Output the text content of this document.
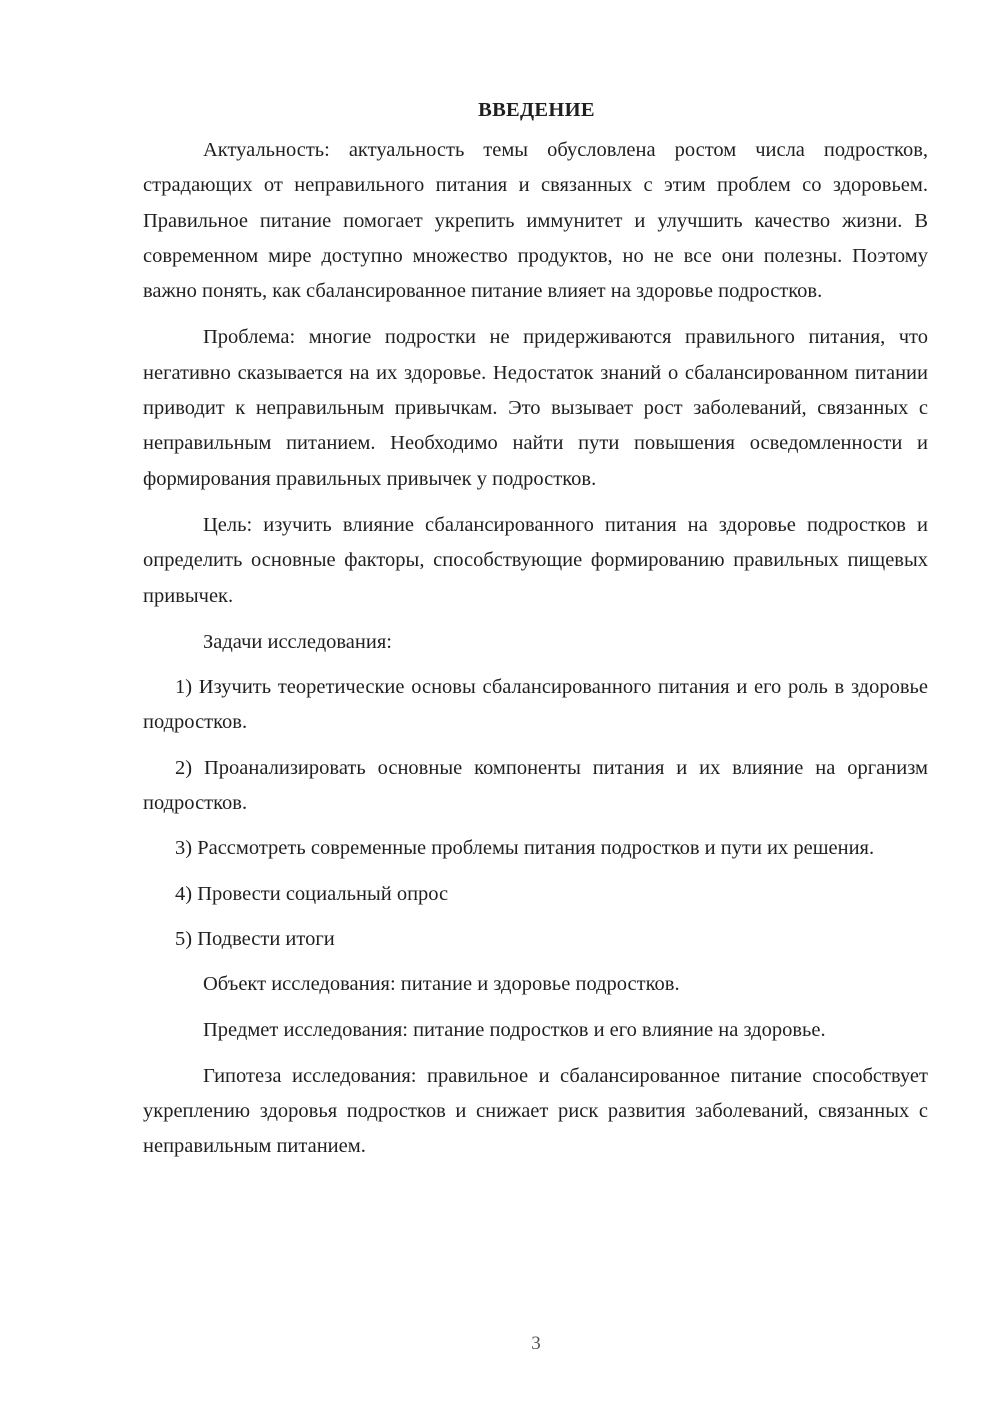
ВВЕДЕНИЕ

Актуальность: актуальность темы обусловлена ростом числа подростков, страдающих от неправильного питания и связанных с этим проблем со здоровьем. Правильное питание помогает укрепить иммунитет и улучшить качество жизни. В современном мире доступно множество продуктов, но не все они полезны. Поэтому важно понять, как сбалансированное питание влияет на здоровье подростков.

Проблема: многие подростки не придерживаются правильного питания, что негативно сказывается на их здоровье. Недостаток знаний о сбалансированном питании приводит к неправильным привычкам. Это вызывает рост заболеваний, связанных с неправильным питанием. Необходимо найти пути повышения осведомленности и формирования правильных привычек у подростков.

Цель: изучить влияние сбалансированного питания на здоровье подростков и определить основные факторы, способствующие формированию правильных пищевых привычек.

Задачи исследования:

1) Изучить теоретические основы сбалансированного питания и его роль в здоровье подростков.

2) Проанализировать основные компоненты питания и их влияние на организм подростков.

3) Рассмотреть современные проблемы питания подростков и пути их решения.

4) Провести социальный опрос

5) Подвести итоги

Объект исследования: питание и здоровье подростков.

Предмет исследования: питание подростков и его влияние на здоровье.

Гипотеза исследования: правильное и сбалансированное питание способствует укреплению здоровья подростков и снижает риск развития заболеваний, связанных с неправильным питанием.

3
